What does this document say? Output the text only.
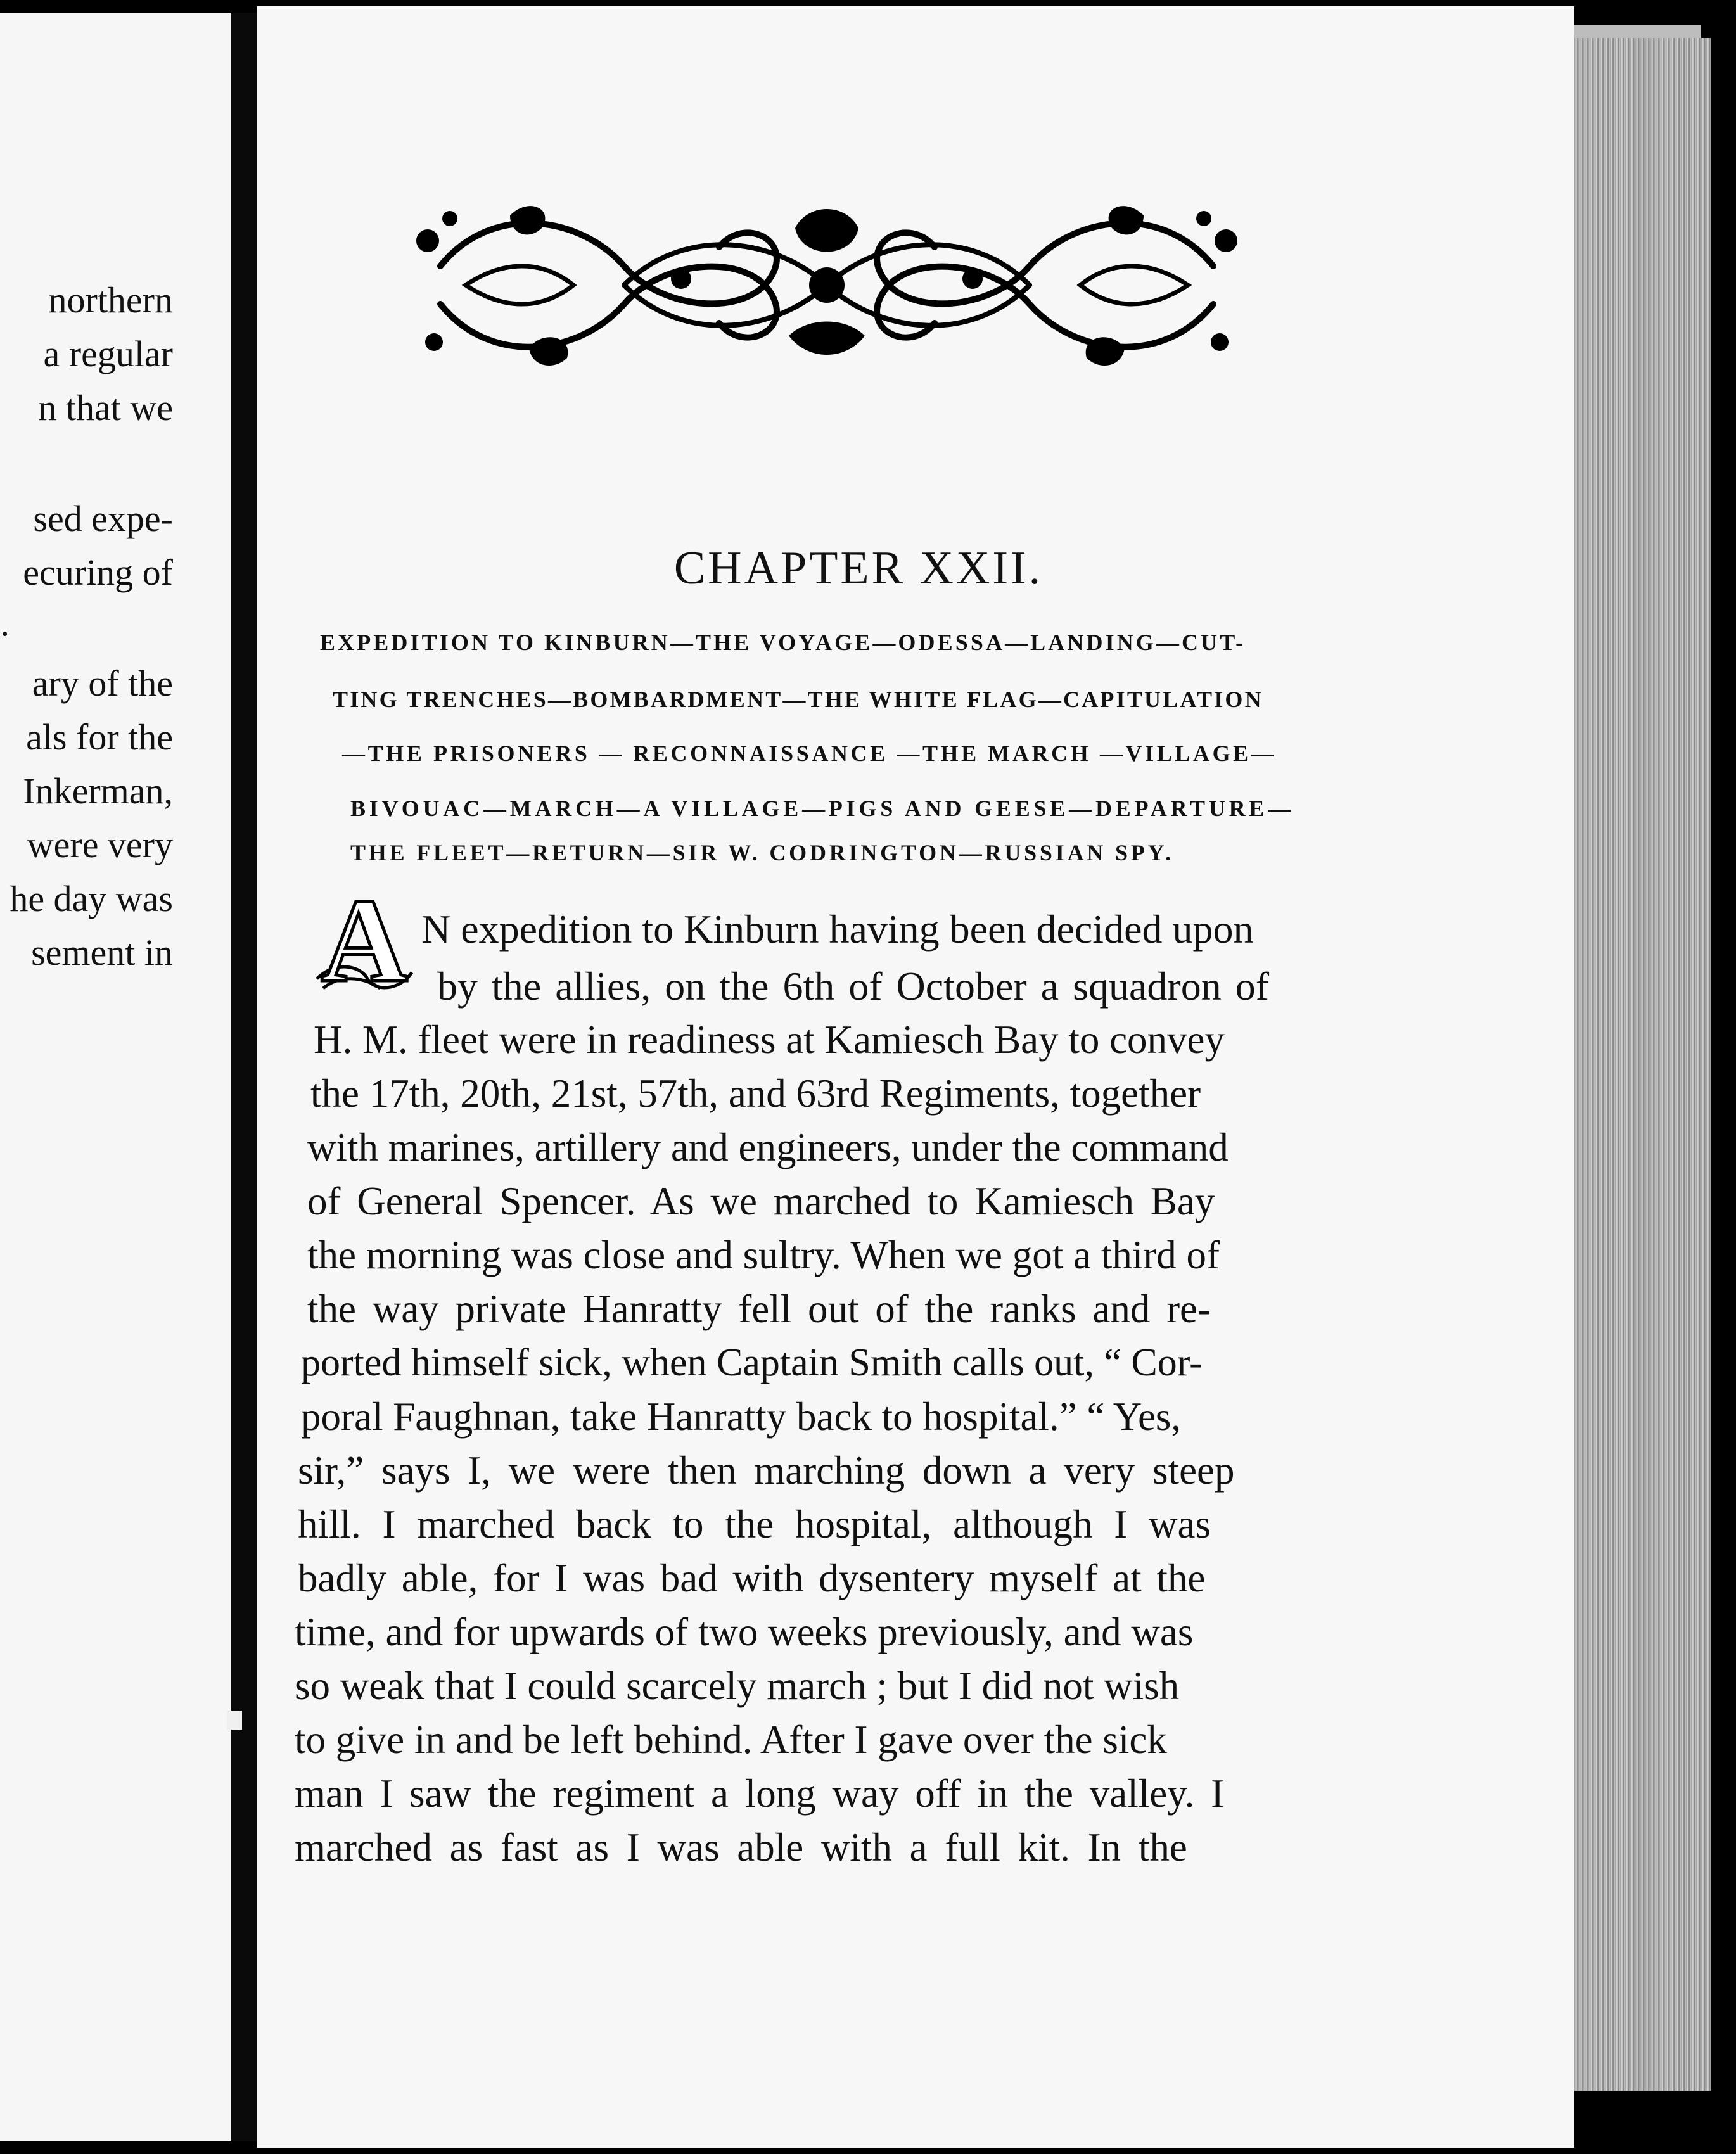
northern
a regular
n that we
sed expe-
ecuring of
.
ary of the
als for the
Inkerman,
were very
he day was
sement in
CHAPTER XXII.
EXPEDITION TO KINBURN—THE VOYAGE—ODESSA—LANDING—CUT-
TING TRENCHES—BOMBARDMENT—THE WHITE FLAG—CAPITULATION
—THE PRISONERS — RECONNAISSANCE —THE MARCH —VILLAGE—
BIVOUAC—MARCH—A VILLAGE—PIGS AND GEESE—DEPARTURE—
THE FLEET—RETURN—SIR W. CODRINGTON—RUSSIAN SPY.
A N expedition to Kinburn having been decided upon

by the allies, on the 6th of October a squadron of

H. M. fleet were in readiness at Kamiesch Bay to convey

the 17th, 20th, 21st, 57th, and 63rd Regiments, together

with marines, artillery and engineers, under the command

of General Spencer. As we marched to Kamiesch Bay

the morning was close and sultry. When we got a third of

the way private Hanratty fell out of the ranks and re-

ported himself sick, when Captain Smith calls out, “ Cor-

poral Faughnan, take Hanratty back to hospital.” “ Yes,

sir,” says I, we were then marching down a very steep

hill. I marched back to the hospital, although I was

badly able, for I was bad with dysentery myself at the

time, and for upwards of two weeks previously, and was

so weak that I could scarcely march ; but I did not wish

to give in and be left behind. After I gave over the sick

man I saw the regiment a long way off in the valley. I

marched as fast as I was able with a full kit. In the
